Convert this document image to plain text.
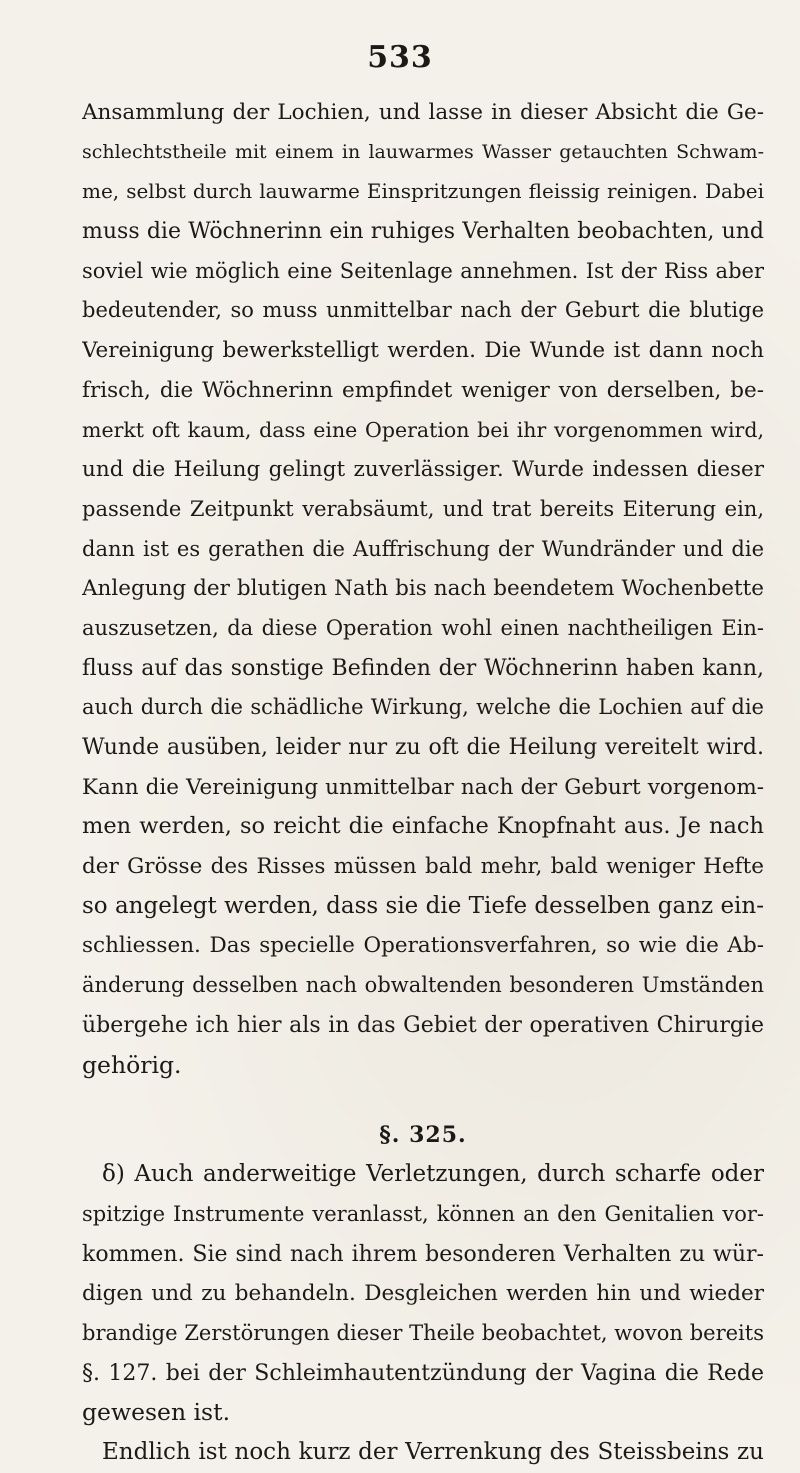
533
Ansammlung der Lochien, und lasse in dieser Absicht die Ge-
schlechtstheile mit einem in lauwarmes Wasser getauchten Schwam-
me, selbst durch lauwarme Einspritzungen fleissig reinigen. Dabei
muss die Wöchnerinn ein ruhiges Verhalten beobachten, und
soviel wie möglich eine Seitenlage annehmen. Ist der Riss aber
bedeutender, so muss unmittelbar nach der Geburt die blutige
Vereinigung bewerkstelligt werden. Die Wunde ist dann noch
frisch, die Wöchnerinn empfindet weniger von derselben, be-
merkt oft kaum, dass eine Operation bei ihr vorgenommen wird,
und die Heilung gelingt zuverlässiger. Wurde indessen dieser
passende Zeitpunkt verabsäumt, und trat bereits Eiterung ein,
dann ist es gerathen die Auffrischung der Wundränder und die
Anlegung der blutigen Nath bis nach beendetem Wochenbette
auszusetzen, da diese Operation wohl einen nachtheiligen Ein-
fluss auf das sonstige Befinden der Wöchnerinn haben kann,
auch durch die schädliche Wirkung, welche die Lochien auf die
Wunde ausüben, leider nur zu oft die Heilung vereitelt wird.
Kann die Vereinigung unmittelbar nach der Geburt vorgenom-
men werden, so reicht die einfache Knopfnaht aus. Je nach
der Grösse des Risses müssen bald mehr, bald weniger Hefte
so angelegt werden, dass sie die Tiefe desselben ganz ein-
schliessen. Das specielle Operationsverfahren, so wie die Ab-
änderung desselben nach obwaltenden besonderen Umständen
übergehe ich hier als in das Gebiet der operativen Chirurgie
gehörig.
§. 325.
δ) Auch anderweitige Verletzungen, durch scharfe oder
spitzige Instrumente veranlasst, können an den Genitalien vor-
kommen. Sie sind nach ihrem besonderen Verhalten zu wür-
digen und zu behandeln. Desgleichen werden hin und wieder
brandige Zerstörungen dieser Theile beobachtet, wovon bereits
§. 127. bei der Schleimhautentzündung der Vagina die Rede
gewesen ist.
Endlich ist noch kurz der Verrenkung des Steissbeins zu
